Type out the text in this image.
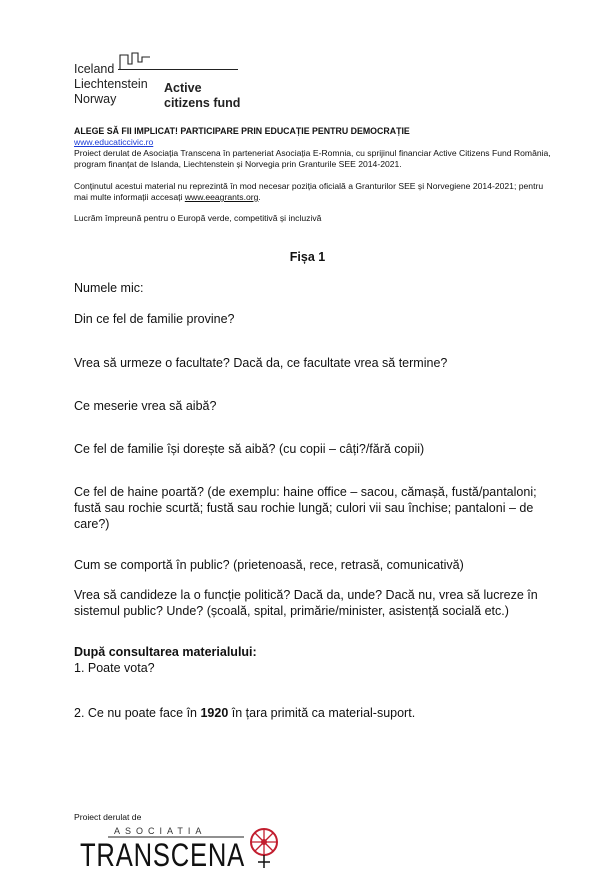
Iceland
Liechtenstein
Norway
Active
citizens fund
ALEGE SĂ FII IMPLICAT! PARTICIPARE PRIN EDUCAȚIE PENTRU DEMOCRAȚIE
www.educaticcivic.ro
Proiect derulat de Asociația Transcena în parteneriat Asociația E-Romnia, cu sprijinul financiar Active Citizens Fund România, program finanțat de Islanda, Liechtenstein și Norvegia prin Granturile SEE 2014-2021.
Conținutul acestui material nu reprezintă în mod necesar poziția oficială a Granturilor SEE și Norvegiene 2014-2021; pentru mai multe informații accesați www.eeagrants.org.
Lucrăm împreună pentru o Europă verde, competitivă și incluzivă
Fișa 1
Numele mic:
Din ce fel de familie provine?
Vrea să urmeze o facultate? Dacă da, ce facultate vrea să termine?
Ce meserie vrea să aibă?
Ce fel de familie își dorește să aibă? (cu copii – câți?/fără copii)
Ce fel de haine poartă? (de exemplu: haine office – sacou, cămașă, fustă/pantaloni; fustă sau rochie scurtă; fustă sau rochie lungă; culori vii sau închise; pantaloni – de care?)
Cum se comportă în public? (prietenoasă, rece, retrasă, comunicativă)
Vrea să candideze la o funcție politică? Dacă da, unde? Dacă nu, vrea să lucreze în sistemul public? Unde? (școală, spital, primărie/minister, asistență socială etc.)
După consultarea materialului:
1. Poate vota?
2. Ce nu poate face în 1920 în țara primită ca material-suport.
Proiect derulat de
ASOCIATIA
TRANSCENA
